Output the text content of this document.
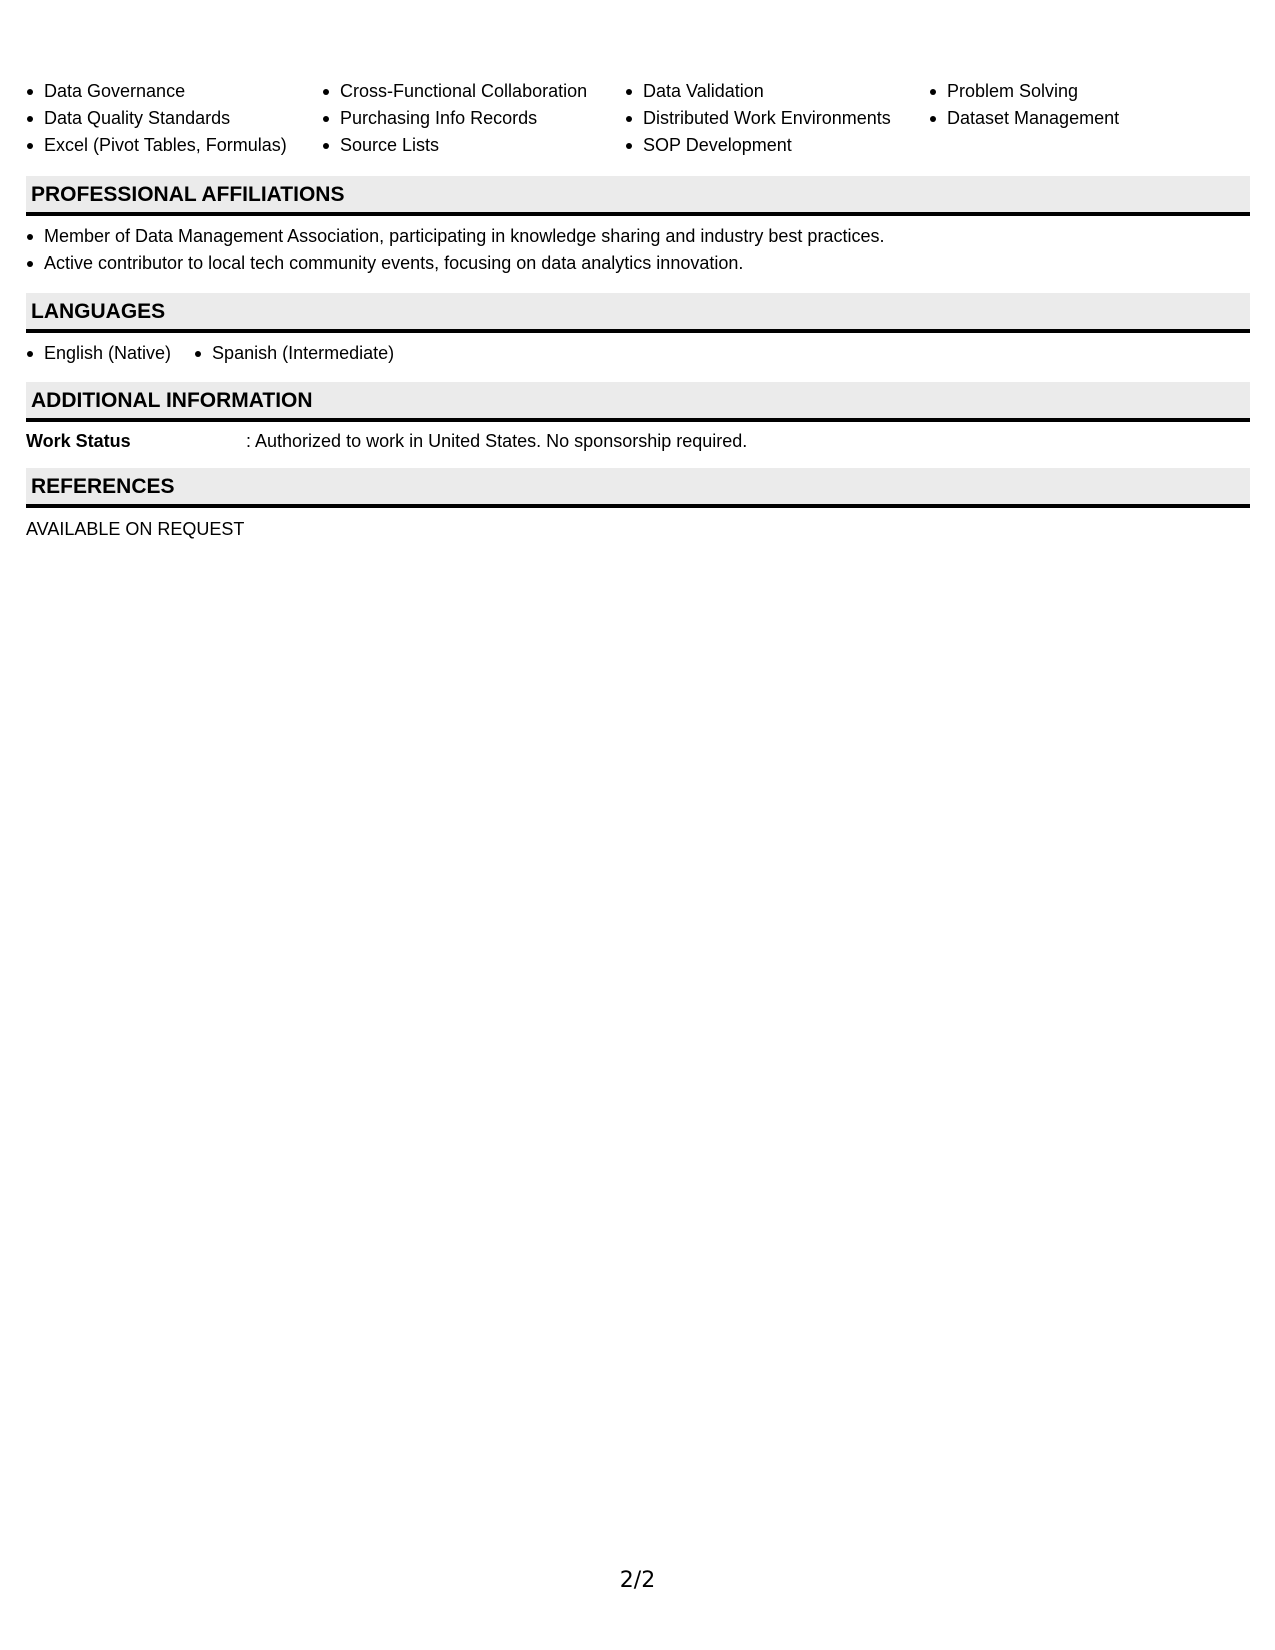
Data Governance
Data Quality Standards
Excel (Pivot Tables, Formulas)
Cross-Functional Collaboration
Purchasing Info Records
Source Lists
Data Validation
Distributed Work Environments
SOP Development
Problem Solving
Dataset Management
PROFESSIONAL AFFILIATIONS
Member of Data Management Association, participating in knowledge sharing and industry best practices.
Active contributor to local tech community events, focusing on data analytics innovation.
LANGUAGES
English (Native)	Spanish (Intermediate)
ADDITIONAL INFORMATION
Work Status	: Authorized to work in United States. No sponsorship required.
REFERENCES
AVAILABLE ON REQUEST
2/2
